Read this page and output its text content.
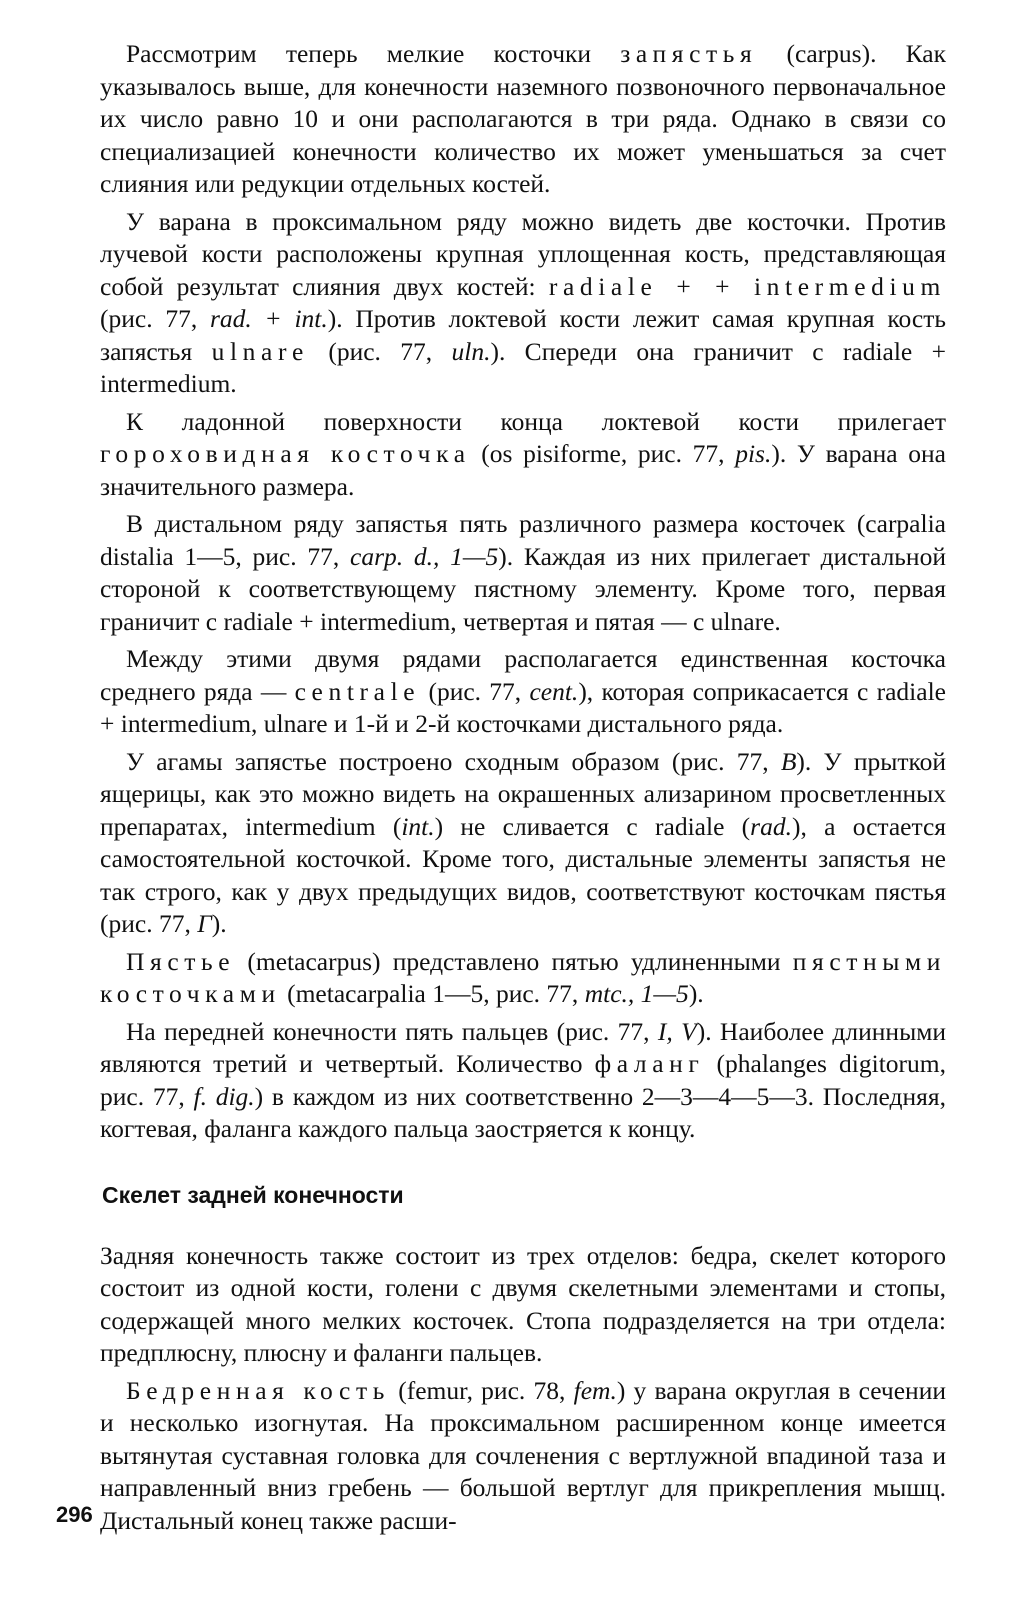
Рассмотрим теперь мелкие косточки запястья (carpus). Как указывалось выше, для конечности наземного позвоночного первоначальное их число равно 10 и они располагаются в три ряда. Однако в связи со специализацией конечности количество их может уменьшаться за счет слияния или редукции отдельных костей.

У варана в проксимальном ряду можно видеть две косточки. Против лучевой кости расположены крупная уплощенная кость, представляющая собой результат слияния двух костей: radiale + + intermedium (рис. 77, rad. + int.). Против локтевой кости лежит самая крупная кость запястья ulnare (рис. 77, uln.). Спереди она граничит с radiale + intermedium.

К ладонной поверхности конца локтевой кости прилегает гороховидная косточка (os pisiforme, рис. 77, pis.). У варана она значительного размера.

В дистальном ряду запястья пять различного размера косточек (carpalia distalia 1—5, рис. 77, carp. d., 1—5). Каждая из них прилегает дистальной стороной к соответствующему пястному элементу. Кроме того, первая граничит с radiale + intermedium, четвертая и пятая — с ulnare.

Между этими двумя рядами располагается единственная косточка среднего ряда — centrale (рис. 77, cent.), которая соприкасается с radiale + intermedium, ulnare и 1-й и 2-й косточками дистального ряда.

У агамы запястье построено сходным образом (рис. 77, В). У прыткой ящерицы, как это можно видеть на окрашенных ализарином просветленных препаратах, intermedium (int.) не сливается с radiale (rad.), а остается самостоятельной косточкой. Кроме того, дистальные элементы запястья не так строго, как у двух предыдущих видов, соответствуют косточкам пястья (рис. 77, Г).

Пястье (metacarpus) представлено пятью удлиненными пястными косточками (metacarpalia 1—5, рис. 77, mtc., 1—5).

На передней конечности пять пальцев (рис. 77, I, V). Наиболее длинными являются третий и четвертый. Количество фаланг (phalanges digitorum, рис. 77, f. dig.) в каждом из них соответственно 2—3—4—5—3. Последняя, когтевая, фаланга каждого пальца заостряется к концу.

Скелет задней конечности

Задняя конечность также состоит из трех отделов: бедра, скелет которого состоит из одной кости, голени с двумя скелетными элементами и стопы, содержащей много мелких косточек. Стопа подразделяется на три отдела: предплюсну, плюсну и фаланги пальцев.

Бедренная кость (femur, рис. 78, fem.) у варана округлая в сечении и несколько изогнутая. На проксимальном расширенном конце имеется вытянутая суставная головка для сочленения с вертлужной впадиной таза и направленный вниз гребень — большой вертлуг для прикрепления мышц. Дистальный конец также расши-

296
